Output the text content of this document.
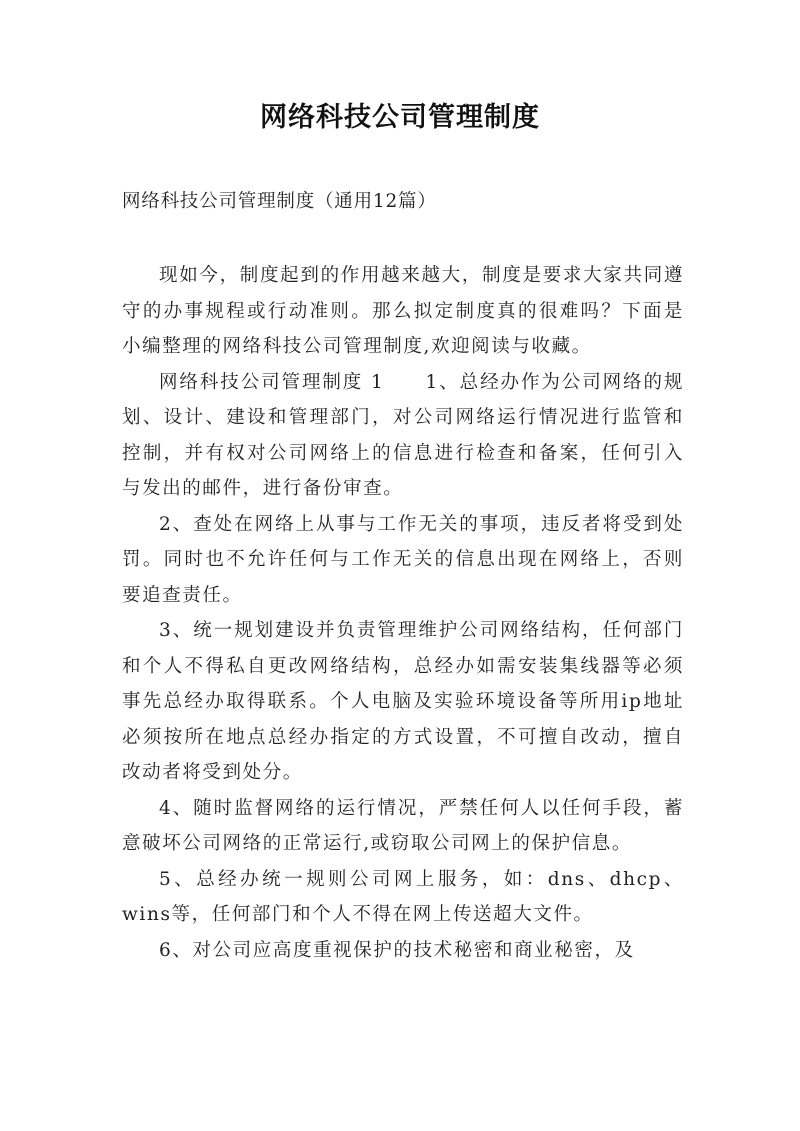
网络科技公司管理制度
网络科技公司管理制度（通用12篇）

现如今，制度起到的作用越来越大，制度是要求大家共同遵守的办事规程或行动准则。那么拟定制度真的很难吗？下面是小编整理的网络科技公司管理制度,欢迎阅读与收藏。

网络科技公司管理制度 1　　1、总经办作为公司网络的规划、设计、建设和管理部门，对公司网络运行情况进行监管和控制，并有权对公司网络上的信息进行检查和备案，任何引入与发出的邮件，进行备份审查。

2、查处在网络上从事与工作无关的事项，违反者将受到处罚。同时也不允许任何与工作无关的信息出现在网络上，否则要追查责任。

3、统一规划建设并负责管理维护公司网络结构，任何部门和个人不得私自更改网络结构，总经办如需安装集线器等必须事先总经办取得联系。个人电脑及实验环境设备等所用ip地址必须按所在地点总经办指定的方式设置，不可擅自改动，擅自改动者将受到处分。

4、随时监督网络的运行情况，严禁任何人以任何手段，蓄意破坏公司网络的正常运行,或窃取公司网上的保护信息。

5、总经办统一规则公司网上服务，如：dns、dhcp、wins等，任何部门和个人不得在网上传送超大文件。

6、对公司应高度重视保护的技术秘密和商业秘密，及
